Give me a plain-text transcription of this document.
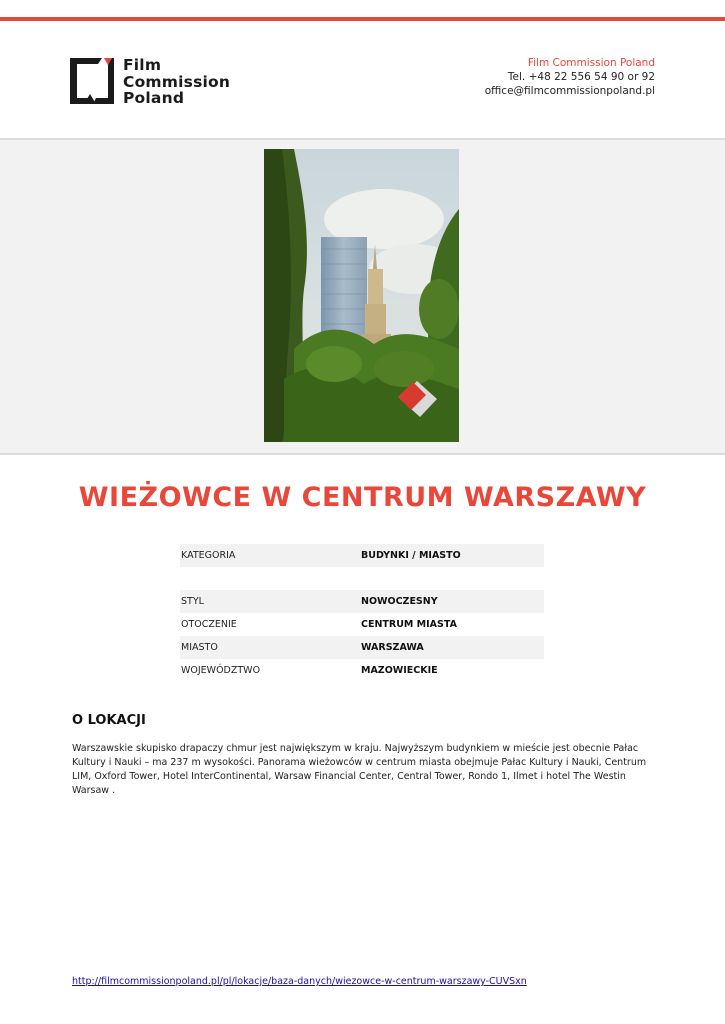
Film
Commission
Poland
Film Commission Poland
Tel. +48 22 556 54 90 or 92
office@filmcommissionpoland.pl
WIEŻOWCE W CENTRUM WARSZAWY
KATEGORIA	BUDYNKI / MIASTO
STYL	NOWOCZESNY
OTOCZENIE	CENTRUM MIASTA
MIASTO	WARSZAWA
WOJEWÓDZTWO	MAZOWIECKIE
O LOKACJI

Warszawskie skupisko drapaczy chmur jest największym w kraju. Najwyższym budynkiem w mieście jest obecnie Pałac Kultury i Nauki – ma 237 m wysokości. Panorama wieżowców w centrum miasta obejmuje Pałac Kultury i Nauki, Centrum LIM, Oxford Tower, Hotel InterContinental, Warsaw Financial Center, Central Tower, Rondo 1, Ilmet i hotel The Westin Warsaw .

http://filmcommissionpoland.pl/pl/lokacje/baza-danych/wiezowce-w-centrum-warszawy-CUVSxn
